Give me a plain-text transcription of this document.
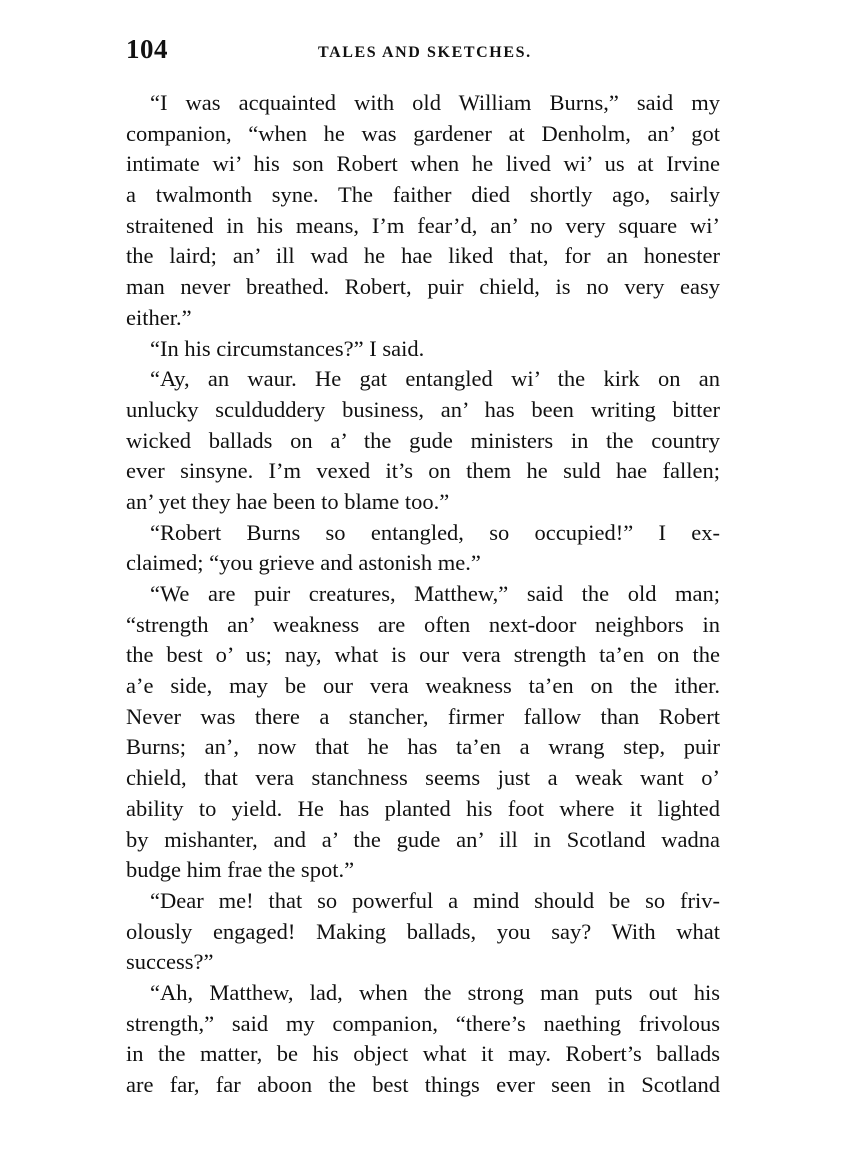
104	TALES AND SKETCHES.
“I was acquainted with old William Burns,” said my
companion, “when he was gardener at Denholm, an’ got
intimate wi’ his son Robert when he lived wi’ us at Irvine
a twalmonth syne. The faither died shortly ago, sairly
straitened in his means, I’m fear’d, an’ no very square wi’
the laird; an’ ill wad he hae liked that, for an honester
man never breathed. Robert, puir chield, is no very easy
either.”
“In his circumstances?” I said.
“Ay, an waur. He gat entangled wi’ the kirk on an
unlucky sculduddery business, an’ has been writing bitter
wicked ballads on a’ the gude ministers in the country
ever sinsyne. I’m vexed it’s on them he suld hae fallen;
an’ yet they hae been to blame too.”
“Robert Burns so entangled, so occupied!” I ex-
claimed; “you grieve and astonish me.”
“We are puir creatures, Matthew,” said the old man;
“strength an’ weakness are often next-door neighbors in
the best o’ us; nay, what is our vera strength ta’en on the
a’e side, may be our vera weakness ta’en on the ither.
Never was there a stancher, firmer fallow than Robert
Burns; an’, now that he has ta’en a wrang step, puir
chield, that vera stanchness seems just a weak want o’
ability to yield. He has planted his foot where it lighted
by mishanter, and a’ the gude an’ ill in Scotland wadna
budge him frae the spot.”
“Dear me! that so powerful a mind should be so friv-
olously engaged! Making ballads, you say? With what
success?”
“Ah, Matthew, lad, when the strong man puts out his
strength,” said my companion, “there’s naething frivolous
in the matter, be his object what it may. Robert’s ballads
are far, far aboon the best things ever seen in Scotland
